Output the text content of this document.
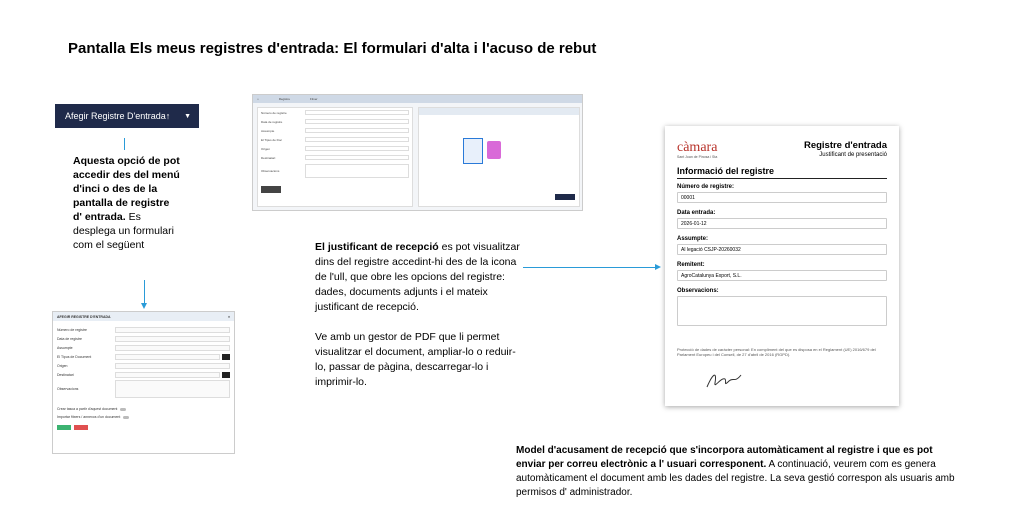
Pantalla Els meus registres d'entrada: El formulari d'alta i l'acuso de rebut
Afegir Registre D'entrada↑ ▼
Aquesta opció de pot accedir des del menú d'inci o des de la pantalla de registre d' entrada. Es desplega un formulari com el següent
AFEGIR REGISTRE D'ENTRADA	×
Número de registre
Data de registre
Assumpte
El Tipus de Document
Origen
Destinatari
Observacions
Crear tasca a partir d'aquest document
Importar fitxers / annexos d'un document
⌂	Registre	Fitxer
Número de registre
Data de registre
Assumpte
El Tipus de Doc
Origen
Destinatari
Observacions

El justificant de recepció es pot visualitzar dins del registre accedint-hi des de la icona de l'ull, que obre les opcions del registre: dades, documents adjunts i el mateix justificant de recepció.

Ve amb un gestor de PDF que li permet visualitzar el document, ampliar-lo o reduir-lo, passar de pàgina, descarregar-lo i imprimir-lo.

càmara
Sant Joan de Pinosa i Sta
Registre d'entrada
Justificant de presentació
Informació del registre
Número de registre:
00001
Data entrada:
2026-01-12
Assumpte:
Al legació CSJP-20260032
Remitent:
AgroCatalunya Export, S.L.
Observacions:
Protecció de dades de caràcter personal: En compliment del que es disposa en el Reglament (UE) 2016/679 del Parlament Europeu i del Consell, de 27 d'abril de 2016 (RGPD).
Model d'acusament de recepció que s'incorpora automàticament al registre i que es pot enviar per correu electrònic a l' usuari corresponent. A continuació, veurem com es genera automàticament el document amb les dades del registre. La seva gestió correspon als usuaris amb permisos d' administrador.
